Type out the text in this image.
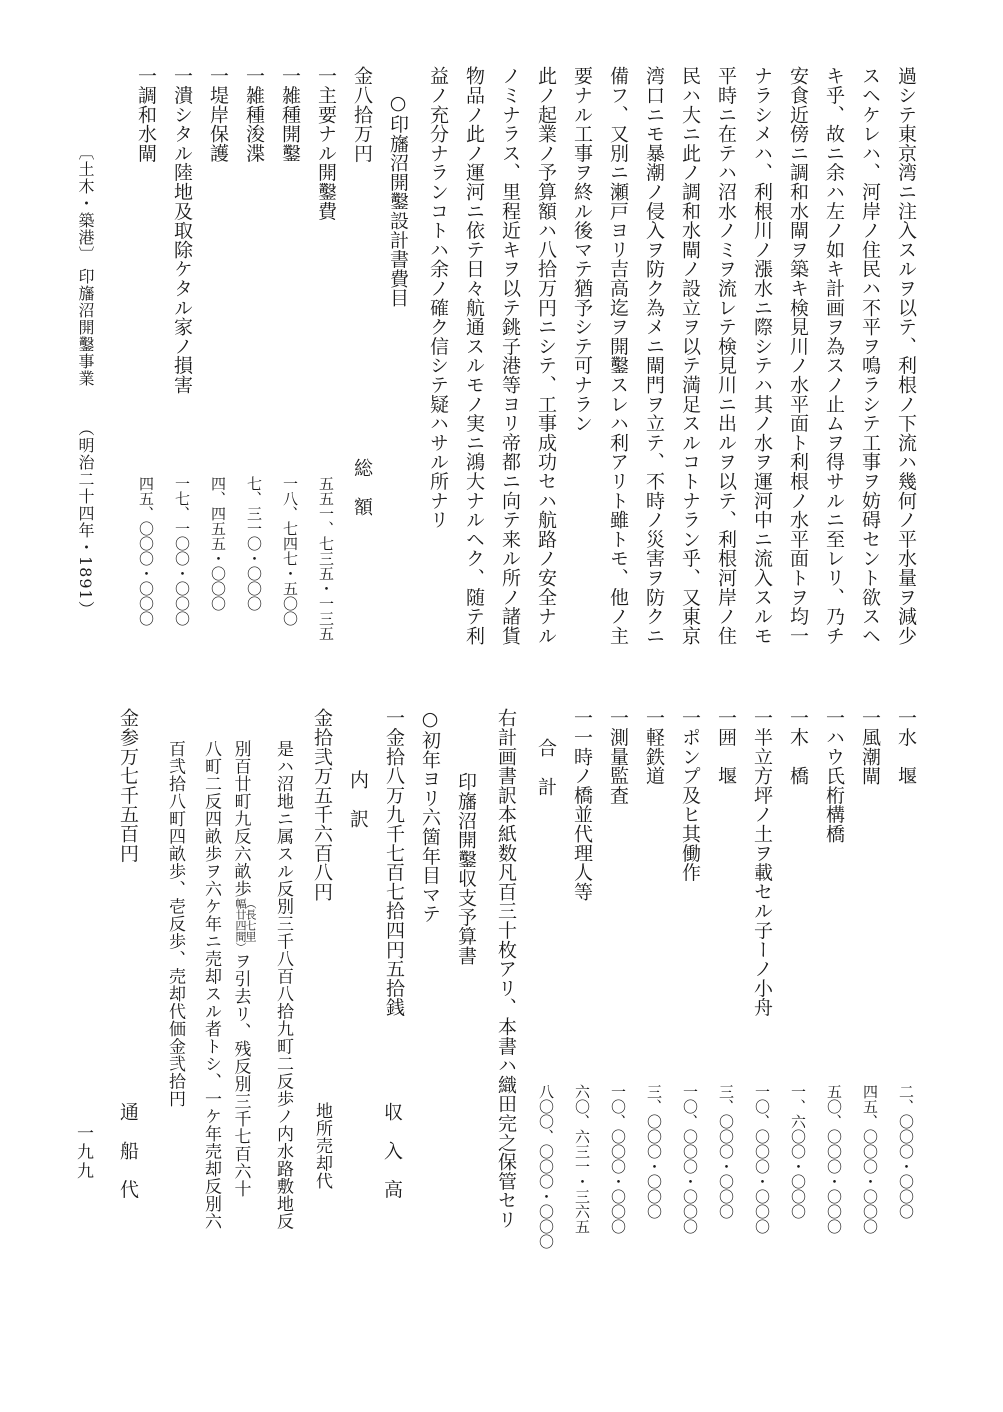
過シテ東京湾ニ注入スルヲ以テ、利根ノ下流ハ幾何ノ平水量ヲ減少
スヘケレハ、河岸ノ住民ハ不平ヲ鳴ラシテ工事ヲ妨碍セント欲スヘ
キ乎、故ニ余ハ左ノ如キ計画ヲ為スノ止ムヲ得サルニ至レリ、乃チ
安食近傍ニ調和水閘ヲ築キ検見川ノ水平面ト利根ノ水平面トヲ均一
ナラシメハ、利根川ノ漲水ニ際シテハ其ノ水ヲ運河中ニ流入スルモ
平時ニ在テハ沼水ノミヲ流レテ検見川ニ出ルヲ以テ、利根河岸ノ住
民ハ大ニ此ノ調和水閘ノ設立ヲ以テ満足スルコトナラン乎、又東京
湾口ニモ暴潮ノ侵入ヲ防ク為メニ閘門ヲ立テ、不時ノ災害ヲ防クニ
備フ、又別ニ瀬戸ヨリ吉高迄ヲ開鑿スレハ利アリト雖トモ、他ノ主
要ナル工事ヲ終ル後マテ猶予シテ可ナラン
此ノ起業ノ予算額ハ八拾万円ニシテ、工事成功セハ航路ノ安全ナル
ノミナラス、里程近キヲ以テ銚子港等ヨリ帝都ニ向テ来ル所ノ諸貨
物品ノ此ノ運河ニ依テ日々航通スルモノ実ニ鴻大ナルヘク、随テ利
益ノ充分ナランコトハ余ノ確ク信シテ疑ハサル所ナリ
○印旛沼開鑿設計書費目
金八拾万円
総　額
一主要ナル開鑿費
五五一、七三五・一三五
一雑種開鑿
一八、七四七・五〇〇
一雑種浚渫
七、三一〇・〇〇〇
一堤岸保護
四、四五五・〇〇〇
一潰シタル陸地及取除ケタル家ノ損害
一七、一〇〇・〇〇〇
一調和水閘
四五、〇〇〇・〇〇〇
〔土木・築港〕
印旛沼開鑿事業
（明治二十四年・1891）
一水　堰
二、〇〇〇・〇〇〇
一風潮閘
四五、〇〇〇・〇〇〇
一ハウ氏桁構橋
五〇、〇〇〇・〇〇〇
一木　橋
一、六〇〇・〇〇〇
一半立方坪ノ土ヲ載セル子ーノ小舟
一〇、〇〇〇・〇〇〇
一囲　堰
三、〇〇〇・〇〇〇
一ポンプ及ヒ其働作
一〇、〇〇〇・〇〇〇
一軽鉄道
三、〇〇〇・〇〇〇
一測量監査
一〇、〇〇〇・〇〇〇
一一時ノ橋並代理人等
六〇、六三一・三六五
合　計
八〇〇、〇〇〇・〇〇〇
右計画書訳本紙数凡百三十枚アリ、本書ハ織田完之保管セリ
印旛沼開鑿収支予算書
○初年ヨリ六箇年目マテ
一金拾八万九千七百七拾四円五拾銭
収　入　高
内　訳
金拾弐万五千六百八円
地所売却代
是ハ沼地ニ属スル反別三千八百八拾九町二反歩ノ内水路敷地反
別百廿町九反六畝歩（長七里
幅廿四間）ヲ引去リ、残反別三千七百六十
八町二反四畝歩ヲ六ケ年ニ売却スル者トシ、一ケ年売却反別六
百弐拾八町四畝歩、壱反歩、売却代価金弐拾円
通　船　代
金参万七千五百円
一九九
